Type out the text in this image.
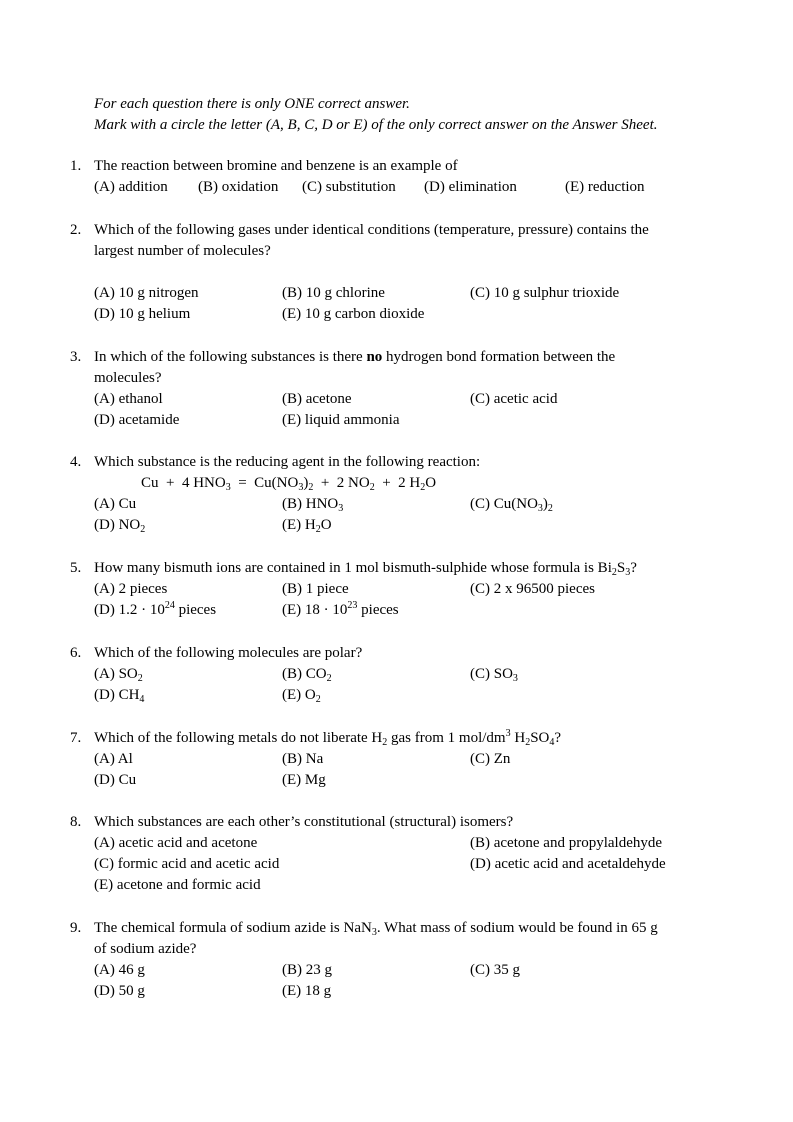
For each question there is only ONE correct answer.
Mark with a circle the letter (A, B, C, D or E) of the only correct answer on the Answer Sheet.
1. The reaction between bromine and benzene is an example of
(A) addition (B) oxidation (C) substitution (D) elimination	(E) reduction
2. Which of the following gases under identical conditions (temperature, pressure) contains the
largest number of molecules?
(A) 10 g nitrogen	(B) 10 g chlorine	(C) 10 g sulphur trioxide
(D) 10 g helium	(E) 10 g carbon dioxide
3. In which of the following substances is there no hydrogen bond formation between the
molecules?
(A) ethanol	(B) acetone	(C) acetic acid
(D) acetamide	(E) liquid ammonia
4. Which substance is the reducing agent in the following reaction:
Cu  +  4 $HNO_3 = Cu(NO_3)_2 + 2$ $NO_2 + 2$ $H_2O$
(A) Cu	(B) $HNO_3$	(C) $Cu(NO_3)_2$
(D) $NO_2$	(E) $H_2O$
5. How many bismuth ions are contained in 1 mol bismuth-sulphide whose formula is $Bi_2S_3$?
(A) 2 pieces	(B) 1 piece	(C) 2 x 96500 pieces
(D) $1.2 \cdot 10^{24}$ pieces	(E) $18 \cdot 10^{23}$ pieces
6. Which of the following molecules are polar?
(A) $SO_2$	(B) $CO_2$	(C) $SO_3$
(D) $CH_4$	(E) $O_2$
7. Which of the following metals do not liberate $H_2$ gas from 1 mol/$dm^3$ $H_2SO_4$?
(A) Al	(B) Na	(C) Zn
(D) Cu	(E) Mg
8. Which substances are each other’s constitutional (structural) isomers?
(A) acetic acid and acetone	(B) acetone and propylaldehyde
(C) formic acid and acetic acid	(D) acetic acid and acetaldehyde
(E) acetone and formic acid
9. The chemical formula of sodium azide is NaN$_3$. What mass of sodium would be found in 65 g
of sodium azide?
(A) 46 g	(B) 23 g	(C) 35 g
(D) 50 g	(E) 18 g
